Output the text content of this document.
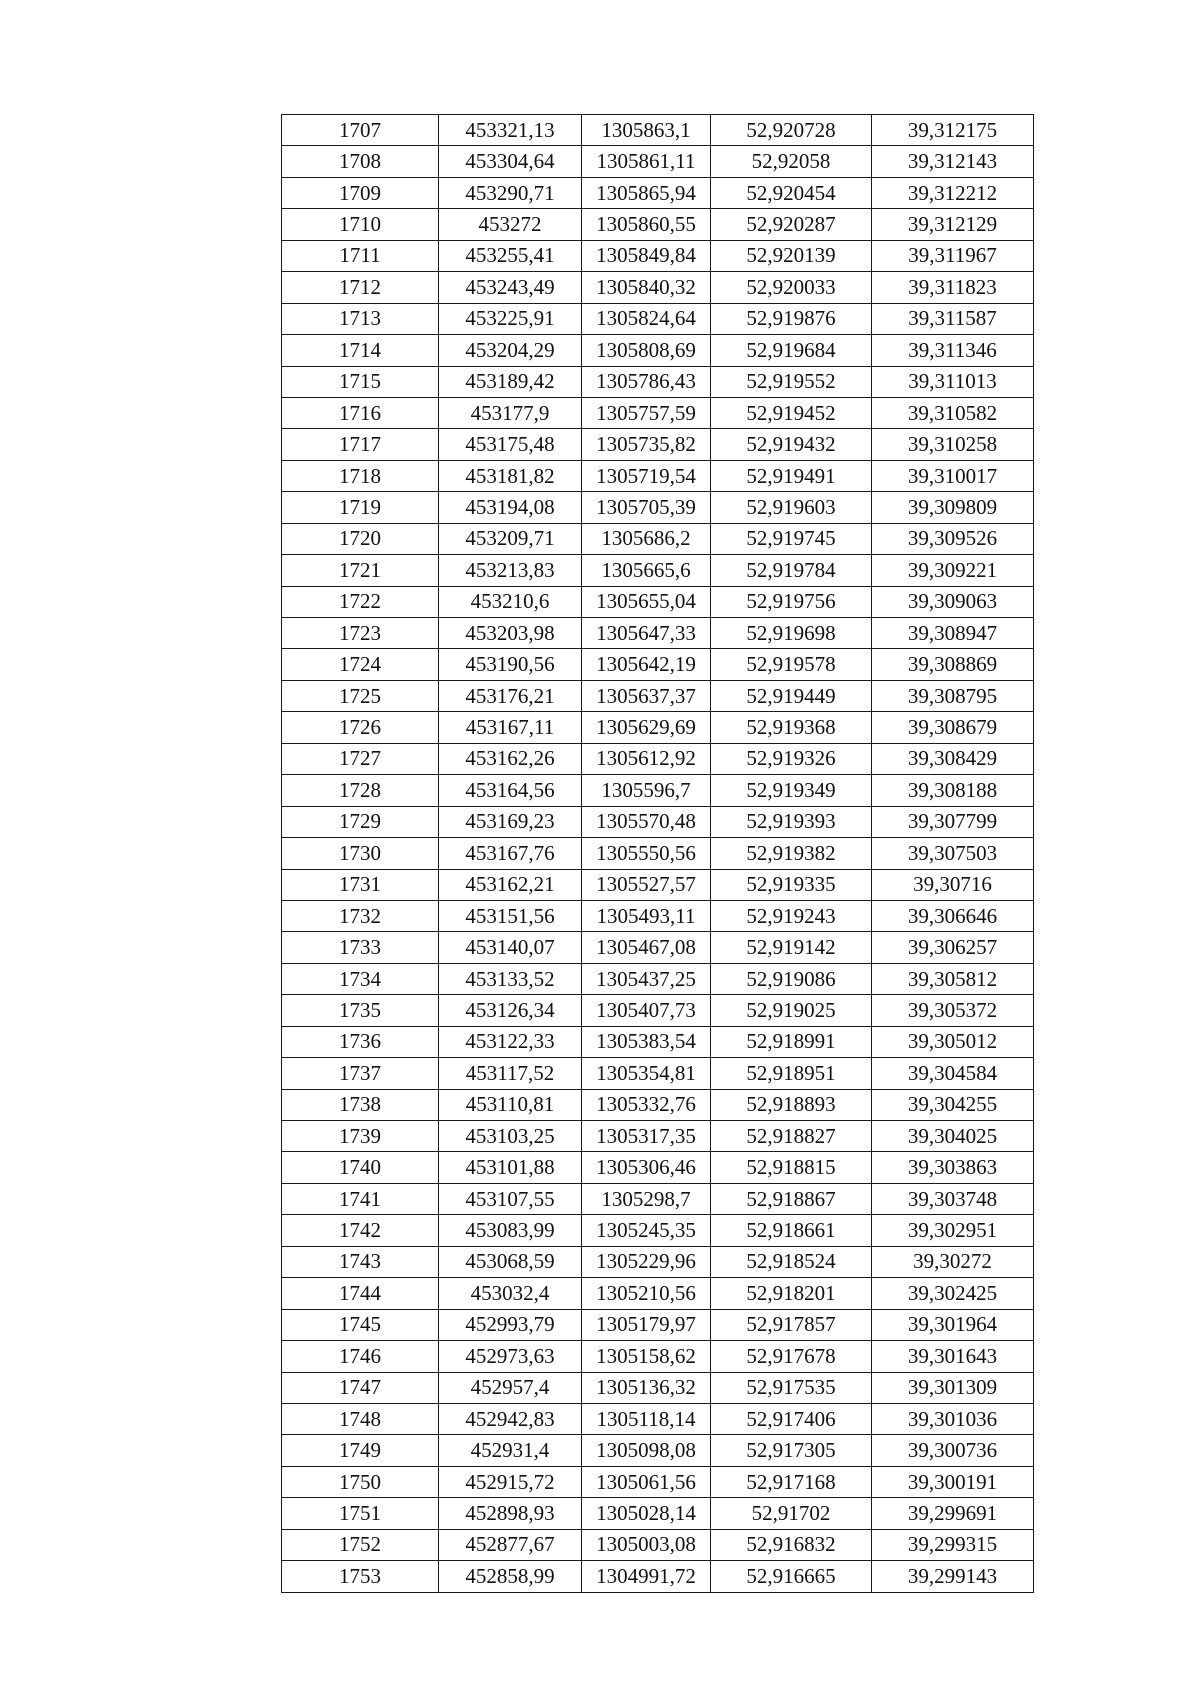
1707	453321,13	1305863,1	52,920728	39,312175
1708	453304,64	1305861,11	52,92058	39,312143
1709	453290,71	1305865,94	52,920454	39,312212
1710	453272	1305860,55	52,920287	39,312129
1711	453255,41	1305849,84	52,920139	39,311967
1712	453243,49	1305840,32	52,920033	39,311823
1713	453225,91	1305824,64	52,919876	39,311587
1714	453204,29	1305808,69	52,919684	39,311346
1715	453189,42	1305786,43	52,919552	39,311013
1716	453177,9	1305757,59	52,919452	39,310582
1717	453175,48	1305735,82	52,919432	39,310258
1718	453181,82	1305719,54	52,919491	39,310017
1719	453194,08	1305705,39	52,919603	39,309809
1720	453209,71	1305686,2	52,919745	39,309526
1721	453213,83	1305665,6	52,919784	39,309221
1722	453210,6	1305655,04	52,919756	39,309063
1723	453203,98	1305647,33	52,919698	39,308947
1724	453190,56	1305642,19	52,919578	39,308869
1725	453176,21	1305637,37	52,919449	39,308795
1726	453167,11	1305629,69	52,919368	39,308679
1727	453162,26	1305612,92	52,919326	39,308429
1728	453164,56	1305596,7	52,919349	39,308188
1729	453169,23	1305570,48	52,919393	39,307799
1730	453167,76	1305550,56	52,919382	39,307503
1731	453162,21	1305527,57	52,919335	39,30716
1732	453151,56	1305493,11	52,919243	39,306646
1733	453140,07	1305467,08	52,919142	39,306257
1734	453133,52	1305437,25	52,919086	39,305812
1735	453126,34	1305407,73	52,919025	39,305372
1736	453122,33	1305383,54	52,918991	39,305012
1737	453117,52	1305354,81	52,918951	39,304584
1738	453110,81	1305332,76	52,918893	39,304255
1739	453103,25	1305317,35	52,918827	39,304025
1740	453101,88	1305306,46	52,918815	39,303863
1741	453107,55	1305298,7	52,918867	39,303748
1742	453083,99	1305245,35	52,918661	39,302951
1743	453068,59	1305229,96	52,918524	39,30272
1744	453032,4	1305210,56	52,918201	39,302425
1745	452993,79	1305179,97	52,917857	39,301964
1746	452973,63	1305158,62	52,917678	39,301643
1747	452957,4	1305136,32	52,917535	39,301309
1748	452942,83	1305118,14	52,917406	39,301036
1749	452931,4	1305098,08	52,917305	39,300736
1750	452915,72	1305061,56	52,917168	39,300191
1751	452898,93	1305028,14	52,91702	39,299691
1752	452877,67	1305003,08	52,916832	39,299315
1753	452858,99	1304991,72	52,916665	39,299143
